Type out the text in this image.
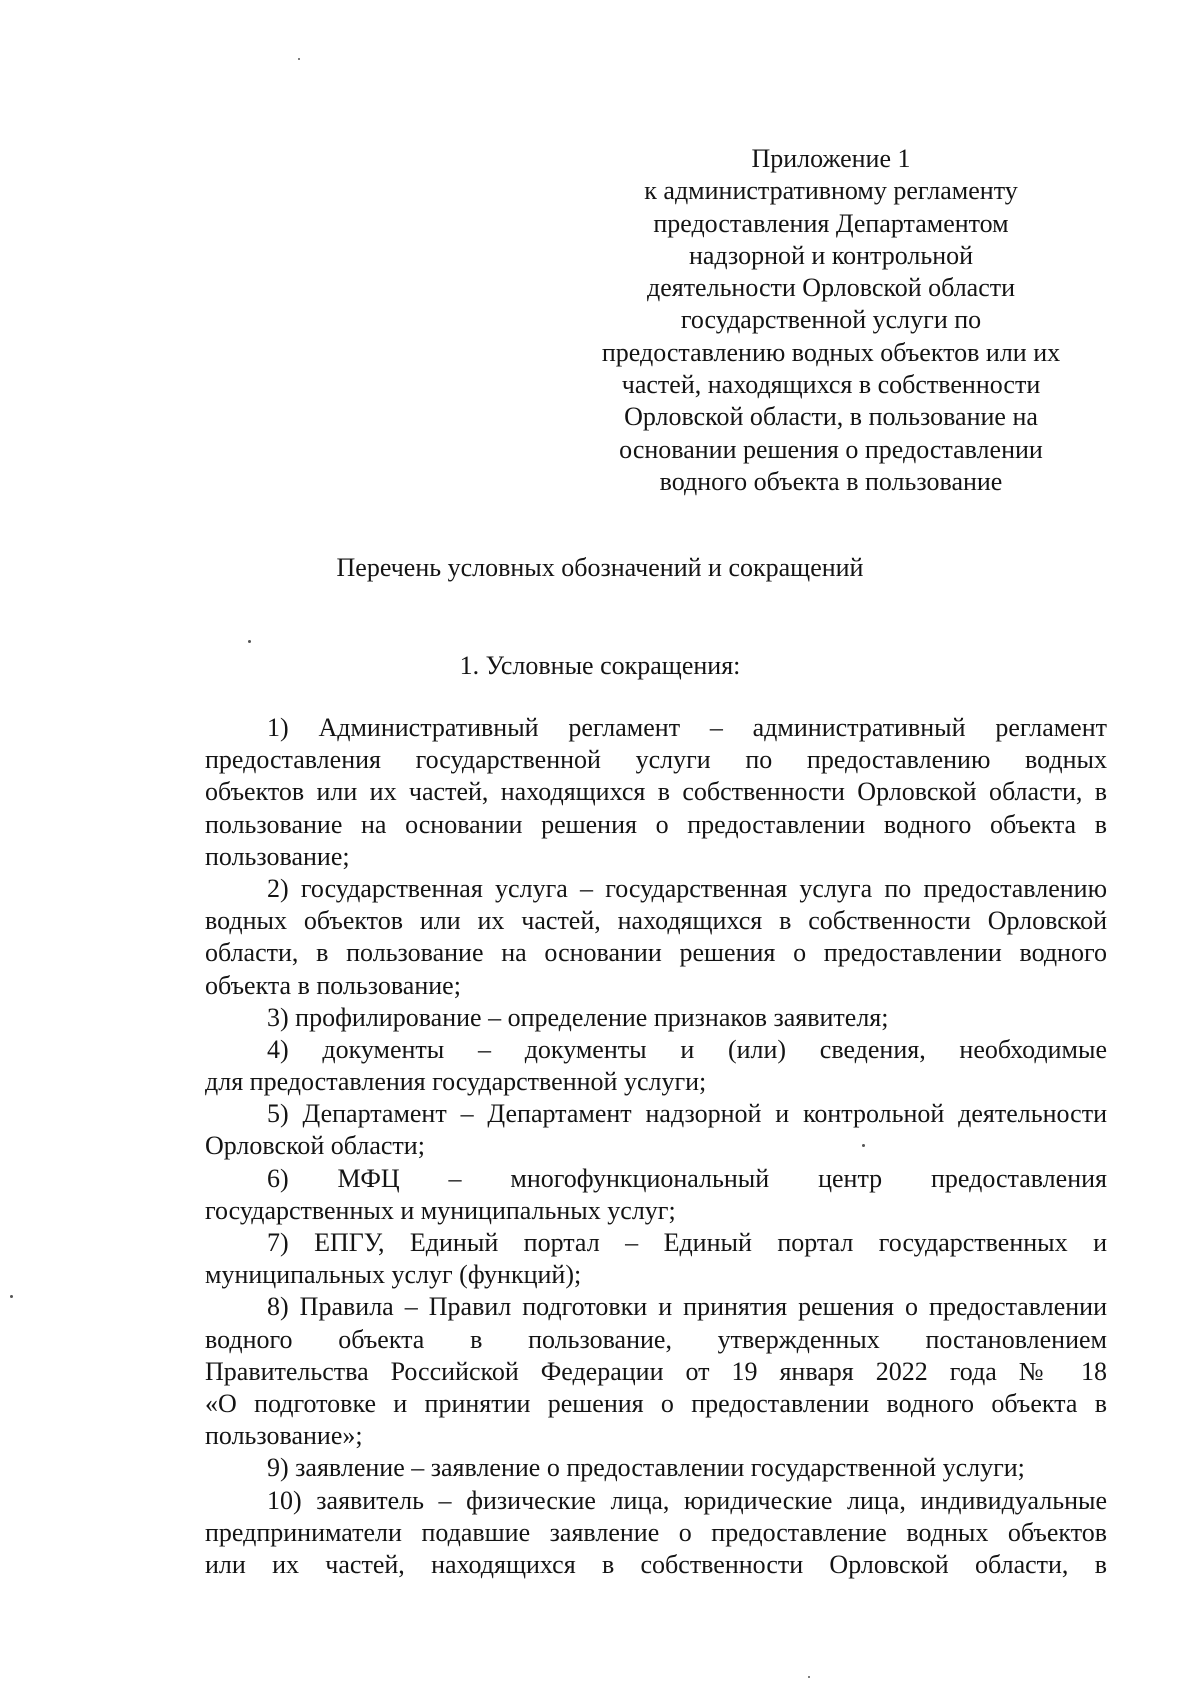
Приложение 1
к административному регламенту
предоставления Департаментом
надзорной и контрольной
деятельности Орловской области
государственной услуги по
предоставлению водных объектов или их
частей, находящихся в собственности
Орловской области, в пользование на
основании решения о предоставлении
водного объекта в пользование
Перечень условных обозначений и сокращений
1. Условные сокращения:
1) Административный регламент – административный регламент
предоставления государственной услуги по предоставлению водных
объектов или их частей, находящихся в собственности Орловской области, в
пользование на основании решения о предоставлении водного объекта в
пользование;
2) государственная услуга – государственная услуга по предоставлению
водных объектов или их частей, находящихся в собственности Орловской
области, в пользование на основании решения о предоставлении водного
объекта в пользование;
3) профилирование – определение признаков заявителя;
4) документы – документы и (или) сведения, необходимые
для предоставления государственной услуги;
5) Департамент – Департамент надзорной и контрольной деятельности
Орловской области;
6) МФЦ – многофункциональный центр предоставления
государственных и муниципальных услуг;
7) ЕПГУ, Единый портал – Единый портал государственных и
муниципальных услуг (функций);
8) Правила – Правил подготовки и принятия решения о предоставлении
водного объекта в пользование, утвержденных постановлением
Правительства Российской Федерации от 19 января 2022 года № 18
«О подготовке и принятии решения о предоставлении водного объекта в
пользование»;
9) заявление – заявление о предоставлении государственной услуги;
10) заявитель – физические лица, юридические лица, индивидуальные
предприниматели подавшие заявление о предоставление водных объектов
или их частей, находящихся в собственности Орловской области, в
